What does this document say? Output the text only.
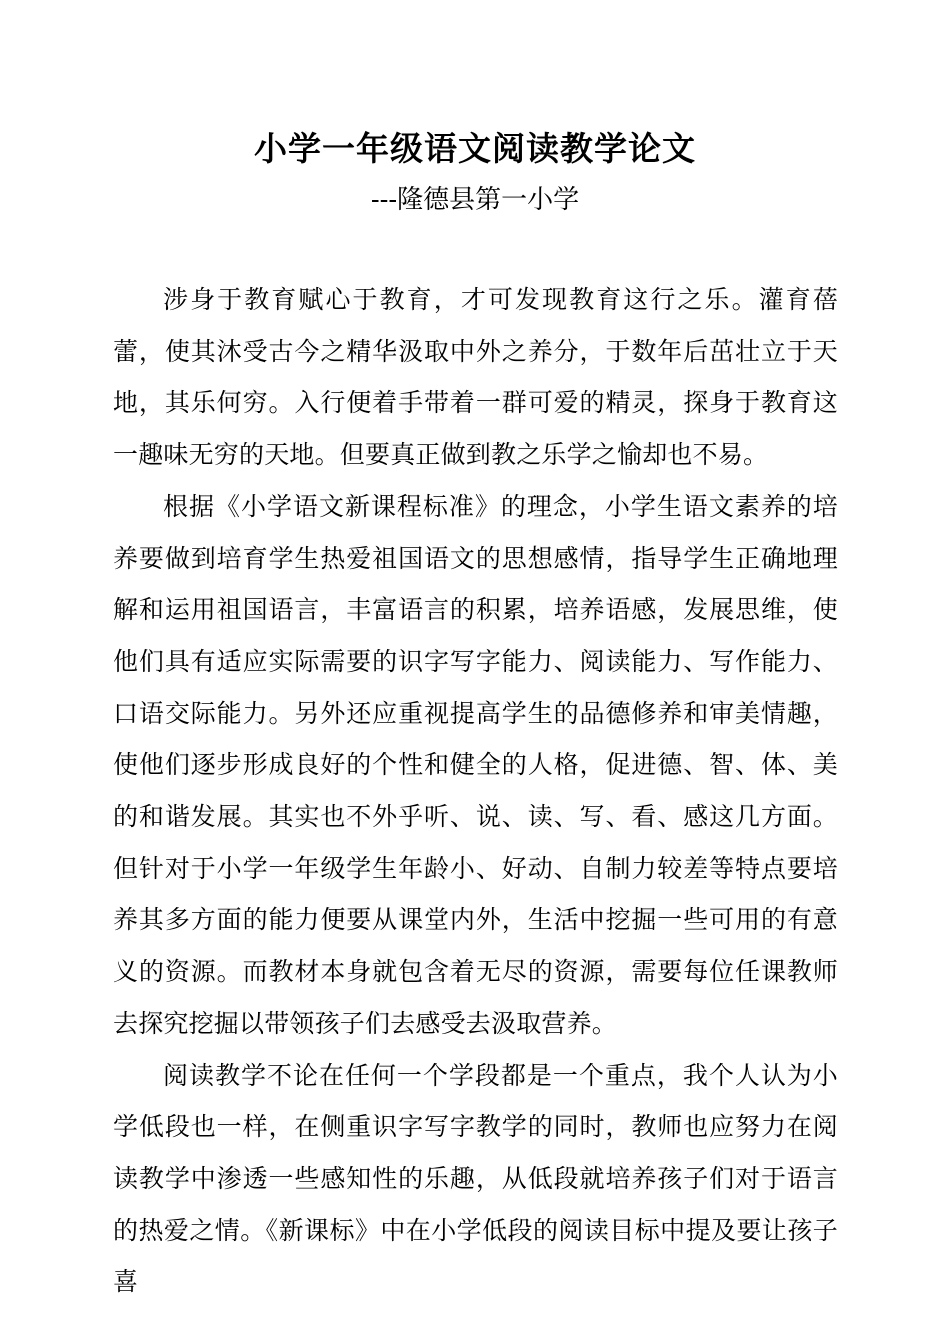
小学一年级语文阅读教学论文
---隆德县第一小学

涉身于教育赋心于教育，才可发现教育这行之乐。灌育蓓蕾，使其沐受古今之精华汲取中外之养分，于数年后茁壮立于天地，其乐何穷。入行便着手带着一群可爱的精灵，探身于教育这一趣味无穷的天地。但要真正做到教之乐学之愉却也不易。

根据《小学语文新课程标准》的理念，小学生语文素养的培养要做到培育学生热爱祖国语文的思想感情，指导学生正确地理解和运用祖国语言，丰富语言的积累，培养语感，发展思维，使他们具有适应实际需要的识字写字能力、阅读能力、写作能力、口语交际能力。另外还应重视提高学生的品德修养和审美情趣，使他们逐步形成良好的个性和健全的人格，促进德、智、体、美的和谐发展。其实也不外乎听、说、读、写、看、感这几方面。但针对于小学一年级学生年龄小、好动、自制力较差等特点要培养其多方面的能力便要从课堂内外，生活中挖掘一些可用的有意义的资源。而教材本身就包含着无尽的资源，需要每位任课教师去探究挖掘以带领孩子们去感受去汲取营养。

阅读教学不论在任何一个学段都是一个重点，我个人认为小学低段也一样，在侧重识字写字教学的同时，教师也应努力在阅读教学中渗透一些感知性的乐趣，从低段就培养孩子们对于语言的热爱之情。《新课标》中在小学低段的阅读目标中提及要让孩子喜
